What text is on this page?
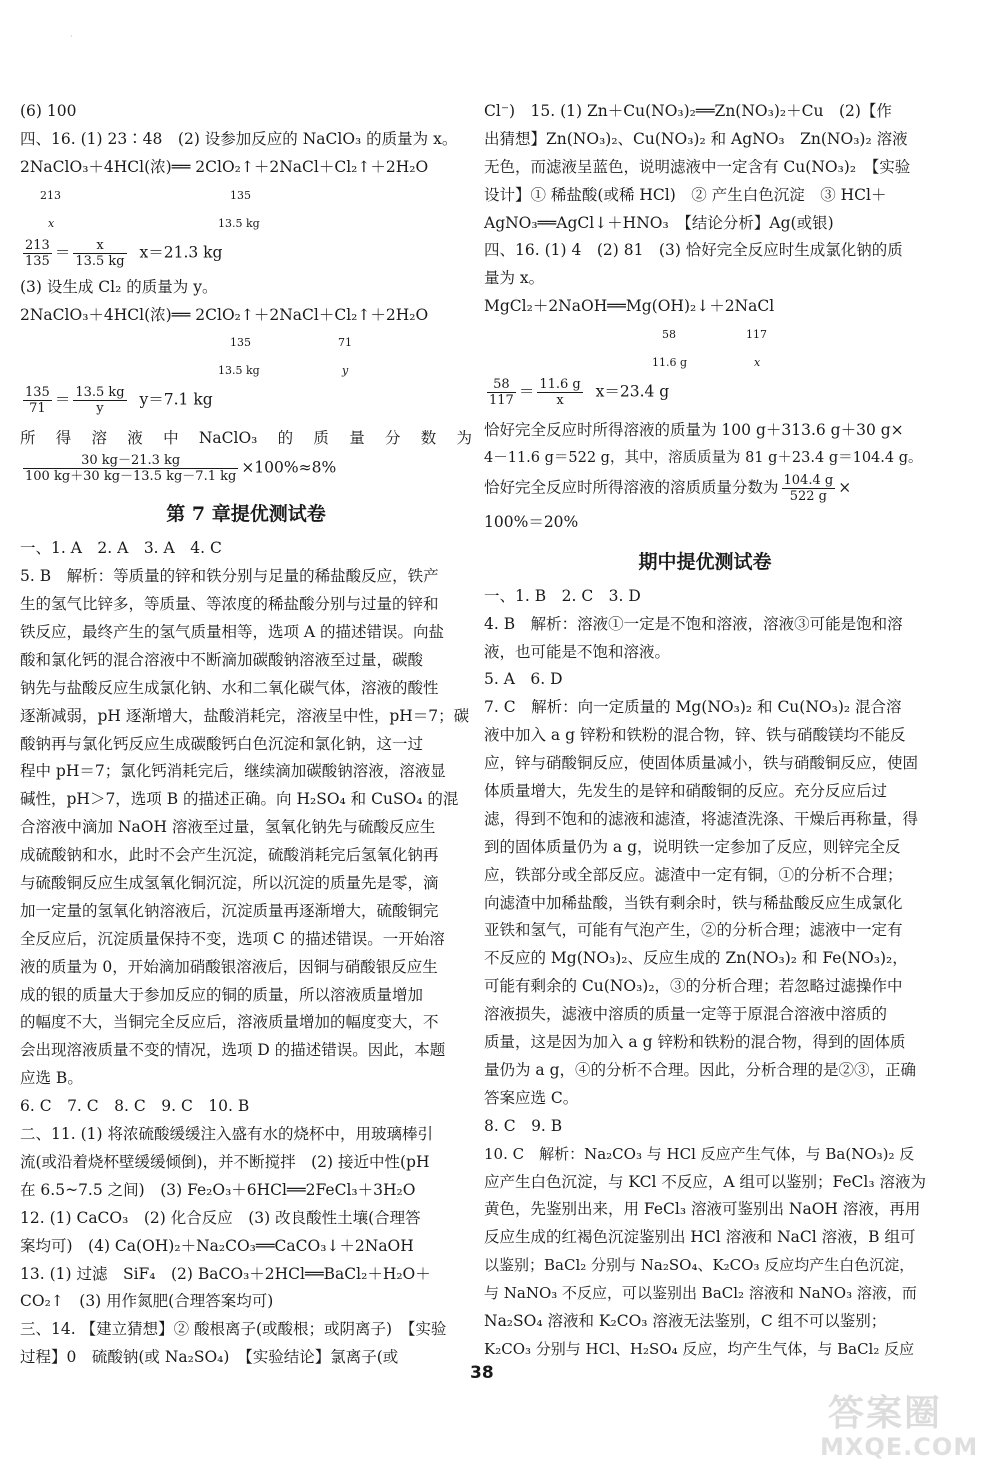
·
(6) 100
四、16. (1) 23∶48　(2) 设参加反应的 NaClO₃ 的质量为 x。
2NaClO₃＋4HCl(浓)══ 2ClO₂↑＋2NaCl＋Cl₂↑＋2H₂O
213
x
135
13.5 kg
$\frac{213}{135} = \frac{x}{13.5 kg} x=21.3$ kg
(3) 设生成 Cl₂ 的质量为 y。
2NaClO₃＋4HCl(浓)══ 2ClO₂↑＋2NaCl＋Cl₂↑＋2H₂O
135
13.5 kg
71
y
$\frac{135}{71} = \frac{13.5 kg}{y} y=7.1$ kg
所得溶液中NaClO₃的质量分数为
$\frac{30 kg-21.3 kg}{100 kg+30 kg-13.5 kg-7.1 kg} \times 100\%\approx 8\%$
第 7 章提优测试卷
一、1. A　2. A　3. A　4. C
5. B　解析：等质量的锌和铁分别与足量的稀盐酸反应，铁产
生的氢气比锌多，等质量、等浓度的稀盐酸分别与过量的锌和
铁反应，最终产生的氢气质量相等，选项 A 的描述错误。向盐
酸和氯化钙的混合溶液中不断滴加碳酸钠溶液至过量，碳酸
钠先与盐酸反应生成氯化钠、水和二氧化碳气体，溶液的酸性
逐渐减弱，pH 逐渐增大，盐酸消耗完，溶液呈中性，pH＝7；碳
酸钠再与氯化钙反应生成碳酸钙白色沉淀和氯化钠，这一过
程中 pH＝7；氯化钙消耗完后，继续滴加碳酸钠溶液，溶液显
碱性，pH＞7，选项 B 的描述正确。向 H₂SO₄ 和 CuSO₄ 的混
合溶液中滴加 NaOH 溶液至过量，氢氧化钠先与硫酸反应生
成硫酸钠和水，此时不会产生沉淀，硫酸消耗完后氢氧化钠再
与硫酸铜反应生成氢氧化铜沉淀，所以沉淀的质量先是零，滴
加一定量的氢氧化钠溶液后，沉淀质量再逐渐增大，硫酸铜完
全反应后，沉淀质量保持不变，选项 C 的描述错误。一开始溶
液的质量为 0，开始滴加硝酸银溶液后，因铜与硝酸银反应生
成的银的质量大于参加反应的铜的质量，所以溶液质量增加
的幅度不大，当铜完全反应后，溶液质量增加的幅度变大，不
会出现溶液质量不变的情况，选项 D 的描述错误。因此，本题
应选 B。
6. C　7. C　8. C　9. C　10. B
二、11. (1) 将浓硫酸缓缓注入盛有水的烧杯中，用玻璃棒引
流(或沿着烧杯壁缓缓倾倒)，并不断搅拌　(2) 接近中性(pH
在 6.5~7.5 之间)　(3) Fe₂O₃＋6HCl══2FeCl₃＋3H₂O
12. (1) CaCO₃　(2) 化合反应　(3) 改良酸性土壤(合理答
案均可)　(4) Ca(OH)₂＋Na₂CO₃══CaCO₃↓＋2NaOH
13. (1) 过滤　SiF₄　(2) BaCO₃＋2HCl══BaCl₂＋H₂O＋
CO₂↑　(3) 用作氮肥(合理答案均可)
三、14. 【建立猜想】② 酸根离子(或酸根；或阴离子)　【实验
过程】0　硫酸钠(或 Na₂SO₄)　【实验结论】氯离子(或
Cl⁻)　15. (1) Zn＋Cu(NO₃)₂══Zn(NO₃)₂＋Cu　(2)【作
出猜想】Zn(NO₃)₂、Cu(NO₃)₂ 和 AgNO₃　Zn(NO₃)₂ 溶液
无色，而滤液呈蓝色，说明滤液中一定含有 Cu(NO₃)₂　【实验
设计】① 稀盐酸(或稀 HCl)　② 产生白色沉淀　③ HCl＋
AgNO₃══AgCl↓＋HNO₃　【结论分析】Ag(或银)
四、16. (1) 4　(2) 81　(3) 恰好完全反应时生成氯化钠的质
量为 x。
MgCl₂＋2NaOH══Mg(OH)₂↓＋2NaCl
58
11.6 g
117
x
$\frac{58}{117} = \frac{11.6 g}{x} x=23.4$ g
恰好完全反应时所得溶液的质量为 100 g＋313.6 g＋30 g×
4－11.6 g＝522 g，其中，溶质质量为 81 g＋23.4 g＝104.4 g。
恰好完全反应时所得溶液的溶质质量分数为 $\frac{104.4 g}{522 g}$ ×
100%＝20%
期中提优测试卷
一、1. B　2. C　3. D
4. B　解析：溶液①一定是不饱和溶液，溶液③可能是饱和溶
液，也可能是不饱和溶液。
5. A　6. D
7. C　解析：向一定质量的 Mg(NO₃)₂ 和 Cu(NO₃)₂ 混合溶
液中加入 a g 锌粉和铁粉的混合物，锌、铁与硝酸镁均不能反
应，锌与硝酸铜反应，使固体质量减小，铁与硝酸铜反应，使固
体质量增大，先发生的是锌和硝酸铜的反应。充分反应后过
滤，得到不饱和的滤液和滤渣，将滤渣洗涤、干燥后再称量，得
到的固体质量仍为 a g，说明铁一定参加了反应，则锌完全反
应，铁部分或全部反应。滤渣中一定有铜，①的分析不合理；
向滤渣中加稀盐酸，当铁有剩余时，铁与稀盐酸反应生成氯化
亚铁和氢气，可能有气泡产生，②的分析合理；滤液中一定有
不反应的 Mg(NO₃)₂、反应生成的 Zn(NO₃)₂ 和 Fe(NO₃)₂，
可能有剩余的 Cu(NO₃)₂，③的分析合理；若忽略过滤操作中
溶液损失，滤液中溶质的质量一定等于原混合溶液中溶质的
质量，这是因为加入 a g 锌粉和铁粉的混合物，得到的固体质
量仍为 a g，④的分析不合理。因此，分析合理的是②③，正确
答案应选 C。
8. C　9. B
10. C　解析：Na₂CO₃ 与 HCl 反应产生气体，与 Ba(NO₃)₂ 反
应产生白色沉淀，与 KCl 不反应，A 组可以鉴别；FeCl₃ 溶液为
黄色，先鉴别出来，用 FeCl₃ 溶液可鉴别出 NaOH 溶液，再用
反应生成的红褐色沉淀鉴别出 HCl 溶液和 NaCl 溶液，B 组可
以鉴别；BaCl₂ 分别与 Na₂SO₄、K₂CO₃ 反应均产生白色沉淀，
与 NaNO₃ 不反应，可以鉴别出 BaCl₂ 溶液和 NaNO₃ 溶液，而
Na₂SO₄ 溶液和 K₂CO₃ 溶液无法鉴别，C 组不可以鉴别；
K₂CO₃ 分别与 HCl、H₂SO₄ 反应，均产生气体，与 BaCl₂ 反应
38
答案圈
MXQE.COM
